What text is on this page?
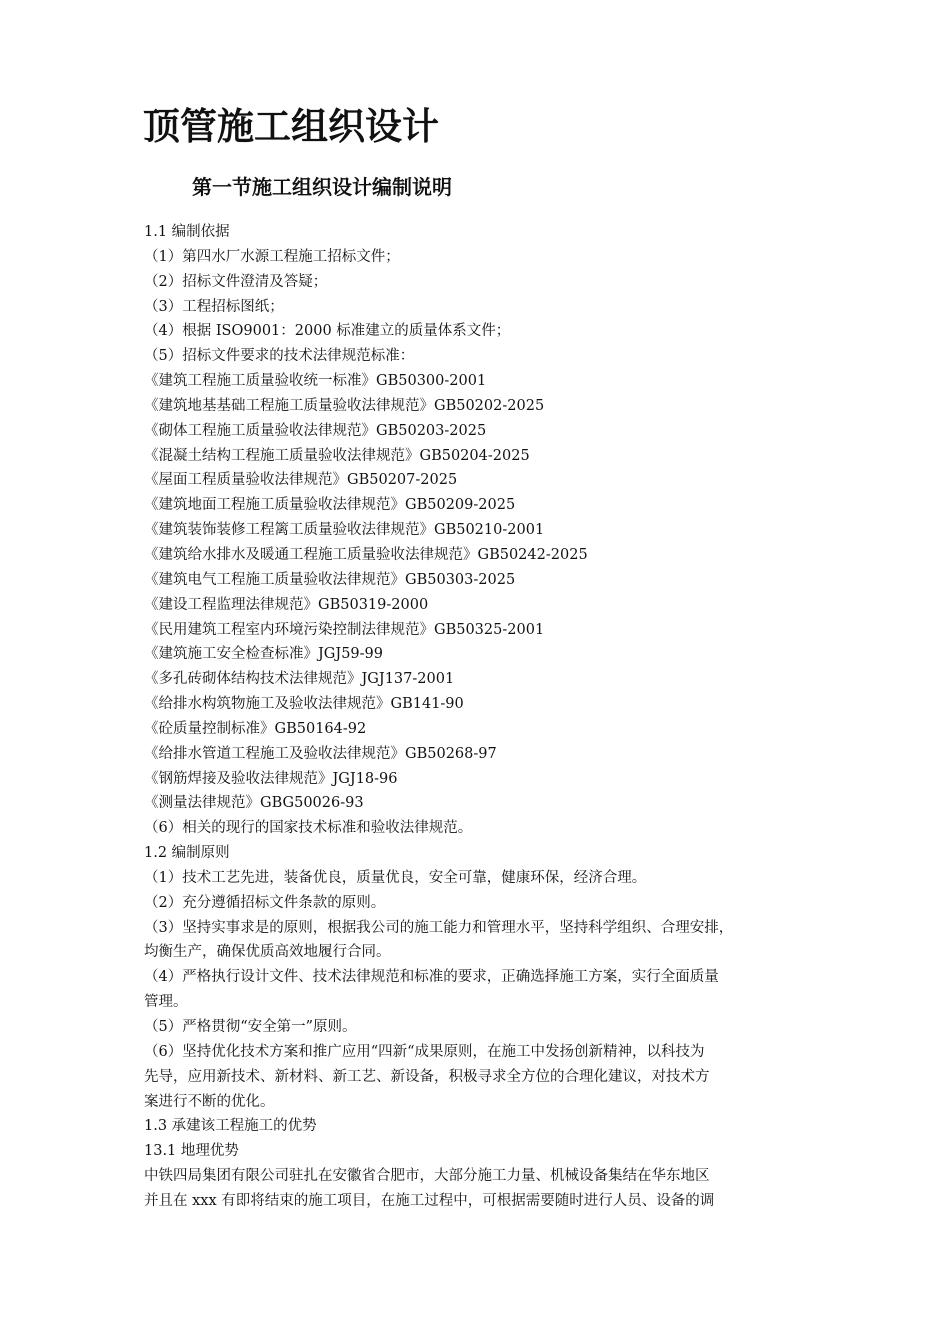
顶管施工组织设计
第一节施工组织设计编制说明
1.1 编制依据
（1）第四水厂水源工程施工招标文件；
（2）招标文件澄清及答疑；
（3）工程招标图纸；
（4）根据 ISO9001：2000 标准建立的质量体系文件；
（5）招标文件要求的技术法律规范标准：
《建筑工程施工质量验收统一标准》GB50300-2001
《建筑地基基础工程施工质量验收法律规范》GB50202-2025
《砌体工程施工质量验收法律规范》GB50203-2025
《混凝土结构工程施工质量验收法律规范》GB50204-2025
《屋面工程质量验收法律规范》GB50207-2025
《建筑地面工程施工质量验收法律规范》GB50209-2025
《建筑装饰装修工程篱工质量验收法律规范》GB50210-2001
《建筑给水排水及暖通工程施工质量验收法律规范》GB50242-2025
《建筑电气工程施工质量验收法律规范》GB50303-2025
《建设工程监理法律规范》GB50319-2000
《民用建筑工程室内环境污染控制法律规范》GB50325-2001
《建筑施工安全检查标准》JGJ59-99
《多孔砖砌体结构技术法律规范》JGJ137-2001
《给排水构筑物施工及验收法律规范》GB141-90
《砼质量控制标准》GB50164-92
《给排水管道工程施工及验收法律规范》GB50268-97
《钢筋焊接及验收法律规范》JGJ18-96
《测量法律规范》GBG50026-93
（6）相关的现行的国家技术标准和验收法律规范。
1.2 编制原则
（1）技术工艺先进，装备优良，质量优良，安全可靠，健康环保，经济合理。
（2）充分遵循招标文件条款的原则。
（3）坚持实事求是的原则，根据我公司的施工能力和管理水平，坚持科学组织、合理安排，
均衡生产，确保优质高效地履行合同。
（4）严格执行设计文件、技术法律规范和标准的要求，正确选择施工方案，实行全面质量
管理。
（5）严格贯彻“安全第一”原则。
（6）坚持优化技术方案和推广应用“四新“成果原则，在施工中发扬创新精神，以科技为
先导，应用新技术、新材料、新工艺、新设备，积极寻求全方位的合理化建议，对技术方
案进行不断的优化。
1.3 承建该工程施工的优势
13.1 地理优势
中铁四局集团有限公司驻扎在安徽省合肥市，大部分施工力量、机械设备集结在华东地区
并且在 xxx 有即将结束的施工项目，在施工过程中，可根据需要随时进行人员、设备的调
